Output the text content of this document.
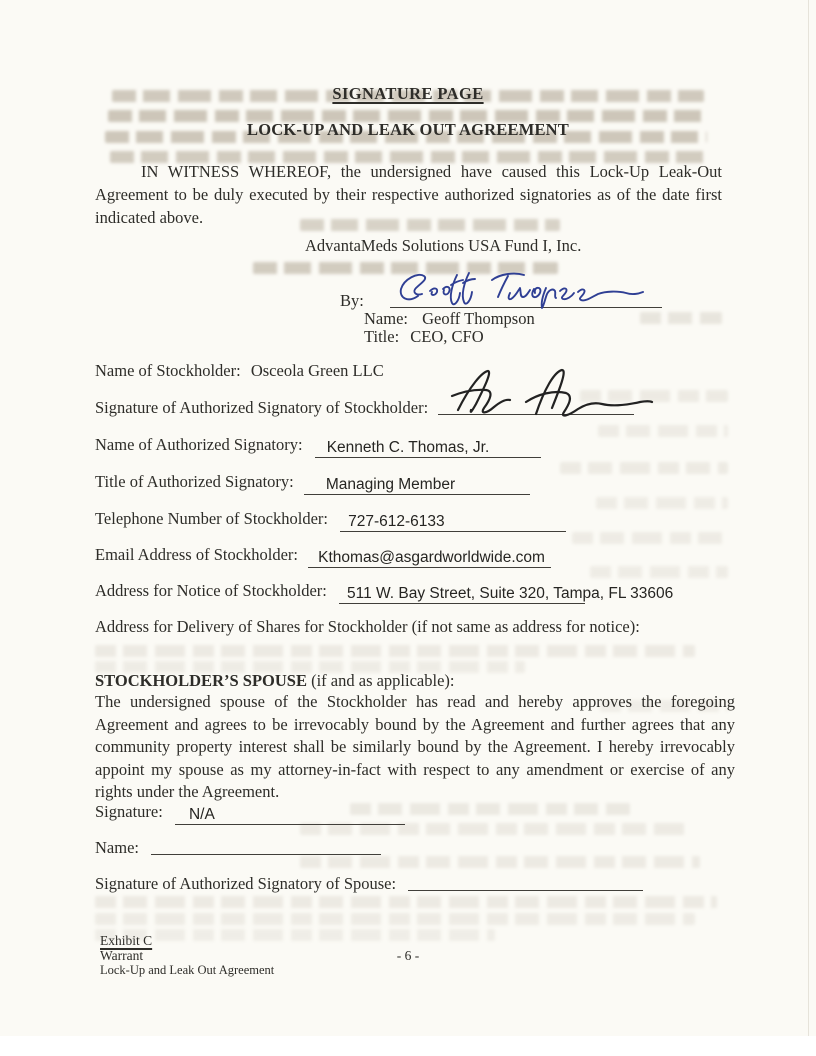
SIGNATURE PAGE
LOCK-UP AND LEAK OUT AGREEMENT
IN WITNESS WHEREOF, the undersigned have caused this Lock-Up Leak-Out Agreement to be duly executed by their respective authorized signatories as of the date first indicated above.
AdvantaMeds Solutions USA Fund I, Inc.
By:
Name: Geoff Thompson
Title: CEO, CFO
Name of Stockholder: Osceola Green LLC
Signature of Authorized Signatory of Stockholder:
Name of Authorized Signatory: Kenneth C. Thomas, Jr.
Title of Authorized Signatory: Managing Member
Telephone Number of Stockholder: 727-612-6133
Email Address of Stockholder: Kthomas@asgardworldwide.com
Address for Notice of Stockholder: 511 W. Bay Street, Suite 320, Tampa, FL 33606
Address for Delivery of Shares for Stockholder (if not same as address for notice):
STOCKHOLDER’S SPOUSE (if and as applicable):
The undersigned spouse of the Stockholder has read and hereby approves the foregoing Agreement and agrees to be irrevocably bound by the Agreement and further agrees that any community property interest shall be similarly bound by the Agreement. I hereby irrevocably appoint my spouse as my attorney-in-fact with respect to any amendment or exercise of any rights under the Agreement.
Signature: N/A
Name:
Signature of Authorized Signatory of Spouse:
Exhibit C
Warrant
Lock-Up and Leak Out Agreement
- 6 -
